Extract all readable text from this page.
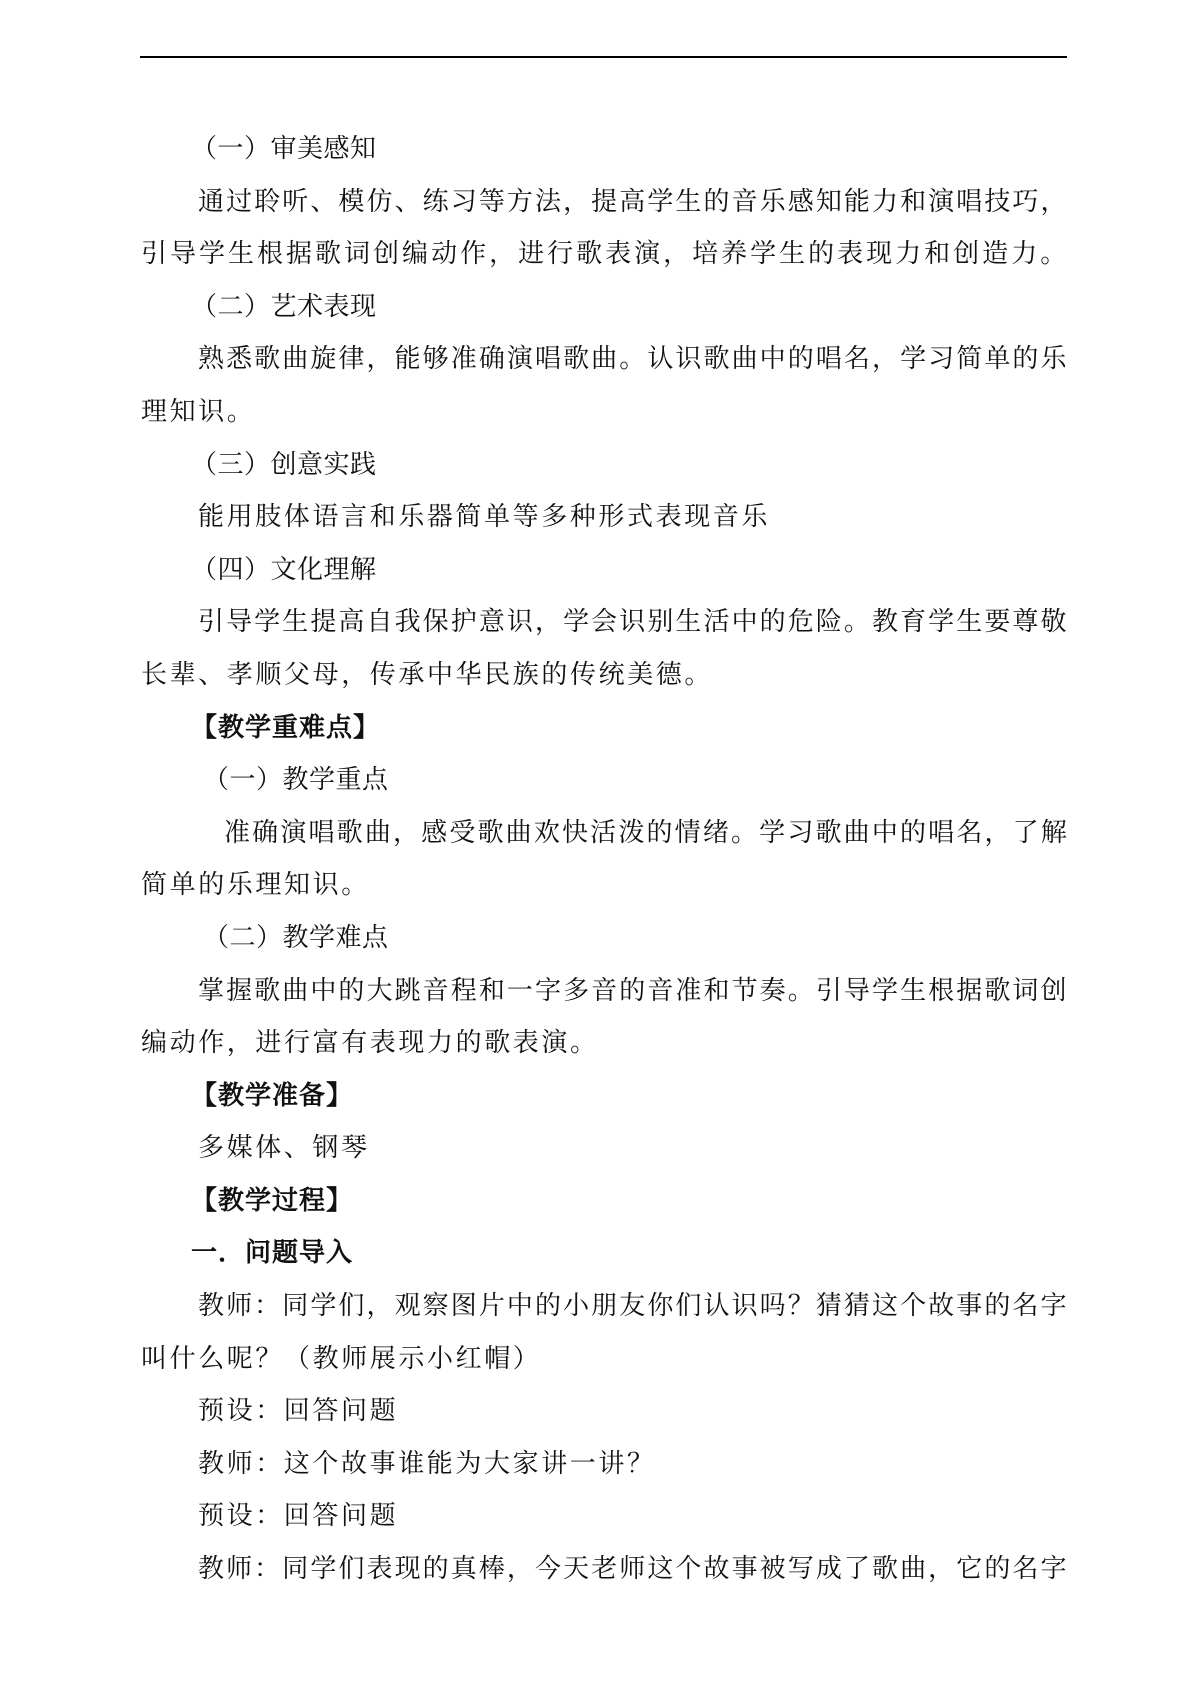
（一）审美感知
通过聆听、模仿、练习等方法，提高学生的音乐感知能力和演唱技巧，
引导学生根据歌词创编动作，进行歌表演，培养学生的表现力和创造力。
（二）艺术表现
熟悉歌曲旋律，能够准确演唱歌曲。认识歌曲中的唱名，学习简单的乐
理知识。
（三）创意实践
能用肢体语言和乐器简单等多种形式表现音乐
（四）文化理解
引导学生提高自我保护意识，学会识别生活中的危险。教育学生要尊敬
长辈、孝顺父母，传承中华民族的传统美德。
【教学重难点】
（一）教学重点
准确演唱歌曲，感受歌曲欢快活泼的情绪。学习歌曲中的唱名，了解
简单的乐理知识。
（二）教学难点
掌握歌曲中的大跳音程和一字多音的音准和节奏。引导学生根据歌词创
编动作，进行富有表现力的歌表演。
【教学准备】
多媒体、钢琴
【教学过程】
一．问题导入
教师：同学们，观察图片中的小朋友你们认识吗？猜猜这个故事的名字
叫什么呢？（教师展示小红帽）
预设：回答问题
教师：这个故事谁能为大家讲一讲？
预设：回答问题
教师：同学们表现的真棒，今天老师这个故事被写成了歌曲，它的名字
